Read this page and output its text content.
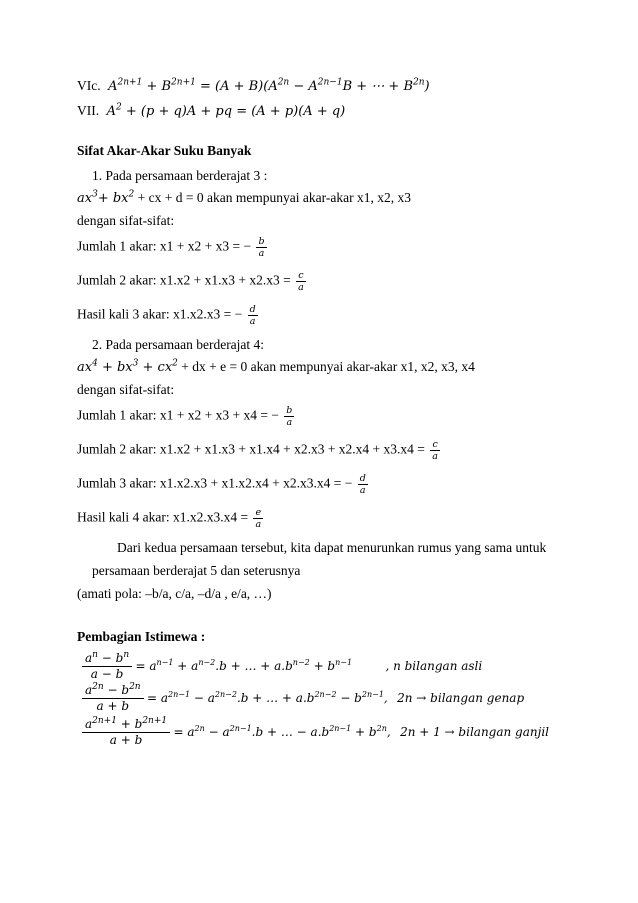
VIc.  $A^{2n+1} + B^{2n+1} = (A + B)(A^{2n} - A^{2n-1}B$ + ⋯ + $B^{2n}$)
VII.  $A^2 + (p + q)A$ + pq = (A + p)(A + q)
Sifat Akar-Akar Suku Banyak
1. Pada persamaan berderajat 3 :
$ax^3+ bx^2$ + cx + d = 0 akan mempunyai akar-akar x1, x2, x3
dengan sifat-sifat:
Jumlah 1 akar: x1 + x2 + x3 = − $\frac{b}{a}$
Jumlah 2 akar: $x1.x2 + x1.x3 + x2.x3 = \frac{c}{a}$
Hasil kali 3 akar: x1.x2.x3 = − $\frac{d}{a}$
2. Pada persamaan berderajat 4:
$ax^4 + bx^3 + cx^2$ + dx + e = 0 akan mempunyai akar-akar x1, x2, x3, x4
dengan sifat-sifat:
Jumlah 1 akar: x1 + x2 + x3 + x4 = − $\frac{b}{a}$
Jumlah 2 akar: $x1.x2 + x1.x3 + x1.x4 + x2.x3 + x2.x4 + x3.x4 = \frac{c}{a}$
Jumlah 3 akar: x1.x2.x3 + x1.x2.x4 + x2.x3.x4 = − $\frac{d}{a}$
Hasil kali 4 akar: $x1.x2.x3.x4 = \frac{e}{a}$
Dari kedua persamaan tersebut, kita dapat menurunkan rumus yang sama untuk
persamaan berderajat 5 dan seterusnya
(amati pola: –b/a, c/a, –d/a , e/a, …)
Pembagian Istimewa :
$\frac{a^n - b^n}{a - b} = a^{n-1} + a^{n-2}.b$ + … + $a.b^{n-2} + b^{n-1}$	, n bilangan asli
$\frac{a^{2n} - b^{2n}}{a + b} = a^{2n-1} - a^{2n-2}.b$ + … + $a.b^{2n-2} - b^{2n-1}$, 2n → bilangan genap
$\frac{a^{2n+1} + b^{2n+1}}{a + b} = a^{2n} - a^{2n-1}.b$ + … − $a.b^{2n-1} + b^{2n}$, 2n + 1 → bilangan ganjil
